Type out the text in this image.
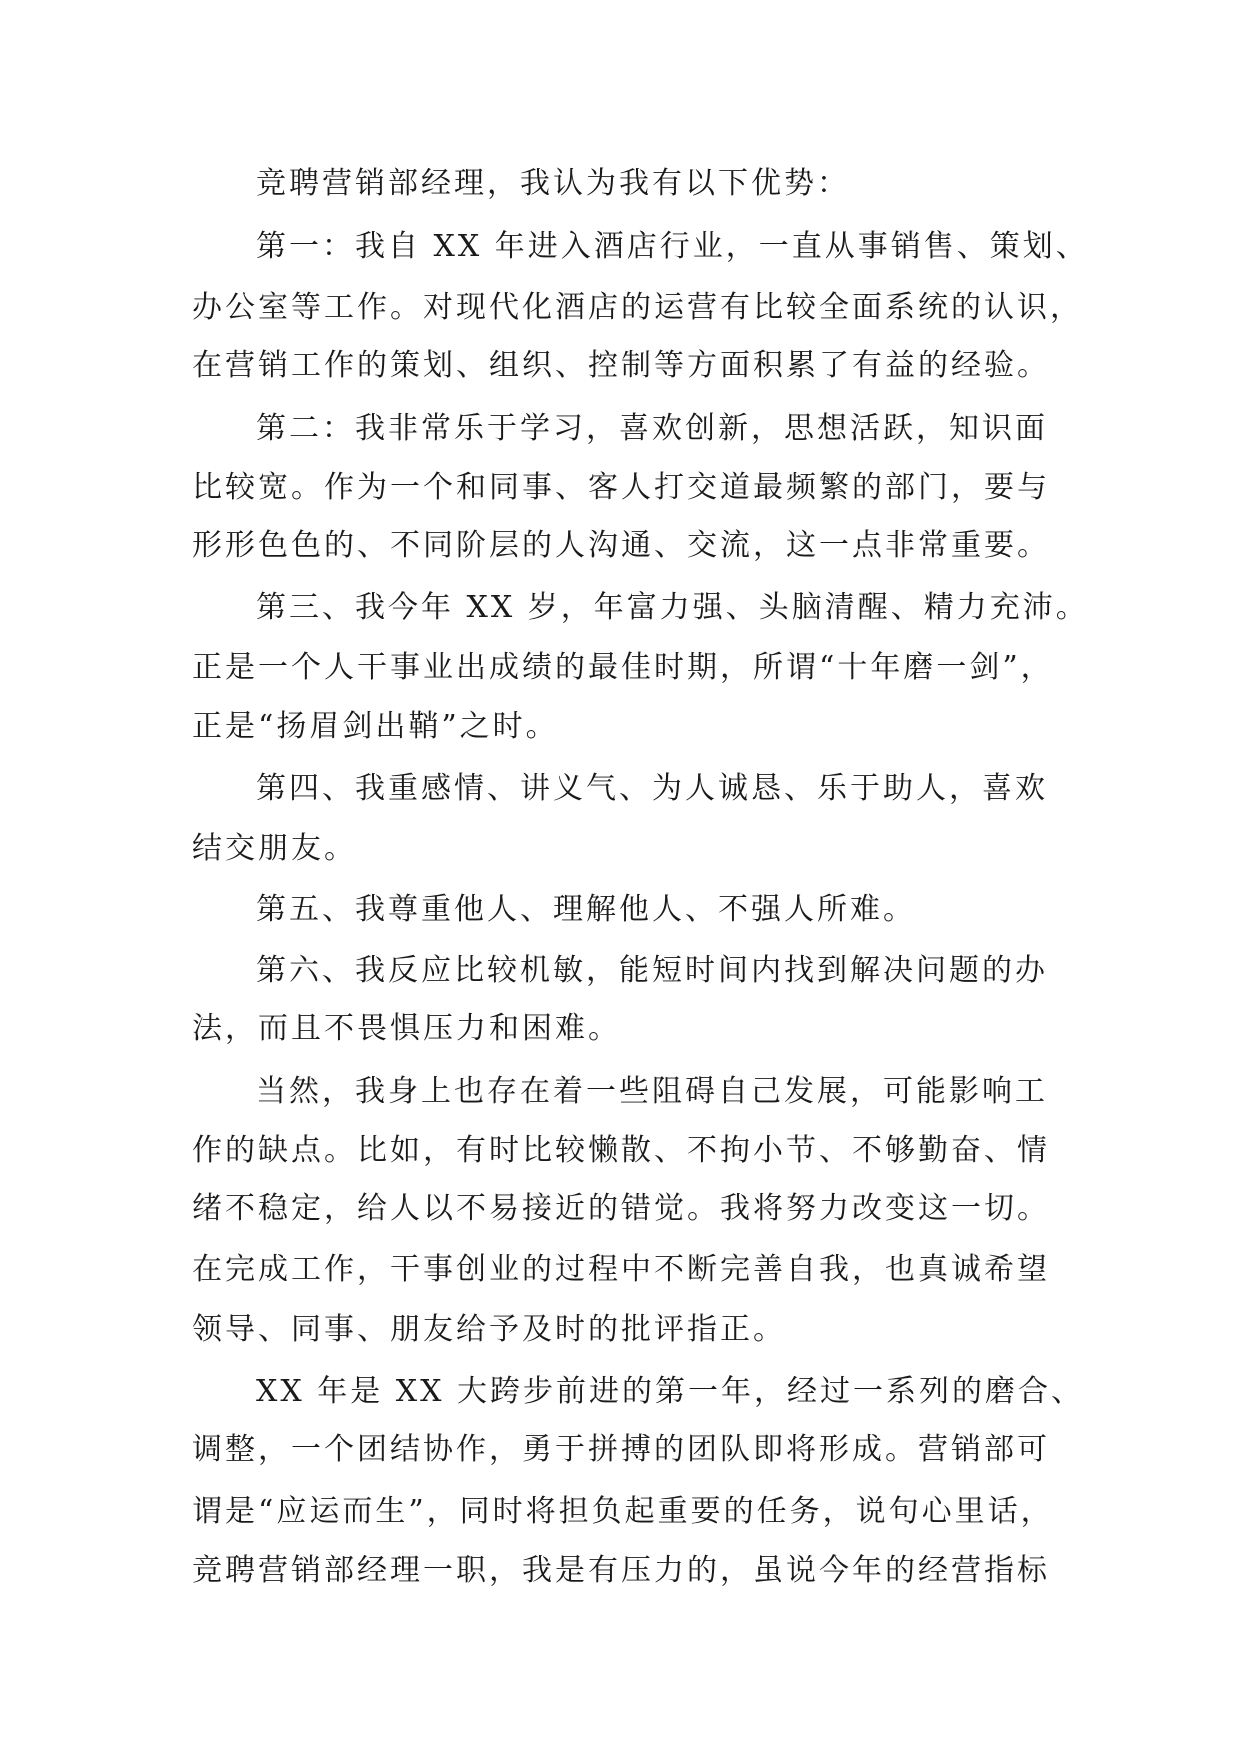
竞聘营销部经理，我认为我有以下优势：
第一：我自 XX 年进入酒店行业，一直从事销售、策划、
办公室等工作。对现代化酒店的运营有比较全面系统的认识，
在营销工作的策划、组织、控制等方面积累了有益的经验。
第二：我非常乐于学习，喜欢创新，思想活跃，知识面
比较宽。作为一个和同事、客人打交道最频繁的部门，要与
形形色色的、不同阶层的人沟通、交流，这一点非常重要。
第三、我今年 XX 岁，年富力强、头脑清醒、精力充沛。
正是一个人干事业出成绩的最佳时期，所谓“十年磨一剑”，
正是“扬眉剑出鞘”之时。
第四、我重感情、讲义气、为人诚恳、乐于助人，喜欢
结交朋友。
第五、我尊重他人、理解他人、不强人所难。
第六、我反应比较机敏，能短时间内找到解决问题的办
法，而且不畏惧压力和困难。
当然，我身上也存在着一些阻碍自己发展，可能影响工
作的缺点。比如，有时比较懒散、不拘小节、不够勤奋、情
绪不稳定，给人以不易接近的错觉。我将努力改变这一切。
在完成工作，干事创业的过程中不断完善自我，也真诚希望
领导、同事、朋友给予及时的批评指正。
XX 年是 XX 大跨步前进的第一年，经过一系列的磨合、
调整，一个团结协作，勇于拼搏的团队即将形成。营销部可
谓是“应运而生”，同时将担负起重要的任务，说句心里话，
竞聘营销部经理一职，我是有压力的，虽说今年的经营指标
